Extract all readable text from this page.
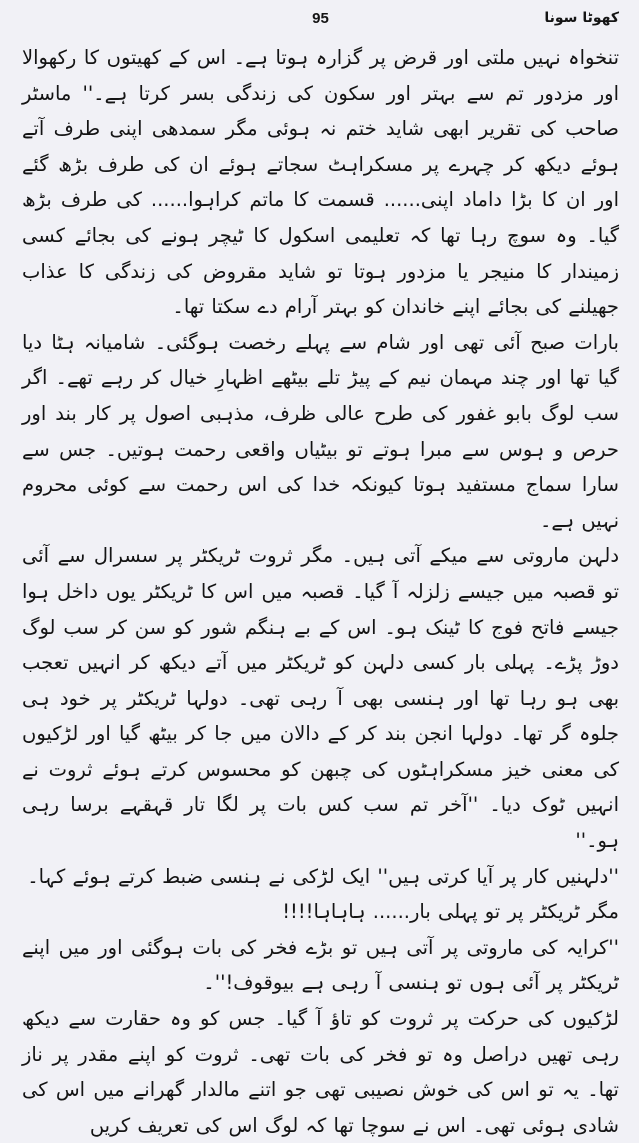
95	کھوٹا سونا

تنخواہ نہیں ملتی اور قرض پر گزارہ ہوتا ہے۔ اس کے کھیتوں کا رکھوالا اور مزدور تم سے بہتر اور سکون کی زندگی بسر کرتا ہے۔'' ماسٹر صاحب کی تقریر ابھی شاید ختم نہ ہوئی مگر سمدھی اپنی طرف آتے ہوئے دیکھ کر چہرے پر مسکراہٹ سجاتے ہوئے ان کی طرف بڑھ گئے اور ان کا بڑا داماد اپنی...... قسمت کا ماتم کراہوا...... کی طرف بڑھ گیا۔ وہ سوچ رہا تھا کہ تعلیمی اسکول کا ٹیچر ہونے کی بجائے کسی زمیندار کا منیجر یا مزدور ہوتا تو شاید مقروض کی زندگی کا عذاب جھیلنے کی بجائے اپنے خاندان کو بہتر آرام دے سکتا تھا۔

بارات صبح آئی تھی اور شام سے پہلے رخصت ہوگئی۔ شامیانہ ہٹا دیا گیا تھا اور چند مہمان نیم کے پیڑ تلے بیٹھے اظہارِ خیال کر رہے تھے۔ اگر سب لوگ بابو غفور کی طرح عالی ظرف، مذہبی اصول پر کار بند اور حرص و ہوس سے مبرا ہوتے تو بیٹیاں واقعی رحمت ہوتیں۔ جس سے سارا سماج مستفید ہوتا کیونکہ خدا کی اس رحمت سے کوئی محروم نہیں ہے۔

دلہن ماروتی سے میکے آتی ہیں۔ مگر ثروت ٹریکٹر پر سسرال سے آئی تو قصبہ میں جیسے زلزلہ آ گیا۔ قصبہ میں اس کا ٹریکٹر یوں داخل ہوا جیسے فاتح فوج کا ٹینک ہو۔ اس کے بے ہنگم شور کو سن کر سب لوگ دوڑ پڑے۔ پہلی بار کسی دلہن کو ٹریکٹر میں آتے دیکھ کر انہیں تعجب بھی ہو رہا تھا اور ہنسی بھی آ رہی تھی۔ دولہا ٹریکٹر پر خود ہی جلوہ گر تھا۔ دولہا انجن بند کر کے دالان میں جا کر بیٹھ گیا اور لڑکیوں کی معنی خیز مسکراہٹوں کی چبھن کو محسوس کرتے ہوئے ثروت نے انہیں ٹوک دیا۔ ''آخر تم سب کس بات پر لگا تار قہقہے برسا رہی ہو۔''

''دلہنیں کار پر آیا کرتی ہیں'' ایک لڑکی نے ہنسی ضبط کرتے ہوئے کہا۔

مگر ٹریکٹر پر تو پہلی بار...... ہاہاہا!!!!

''کرایہ کی ماروتی پر آتی ہیں تو بڑے فخر کی بات ہوگئی اور میں اپنے ٹریکٹر پر آئی ہوں تو ہنسی آ رہی ہے بیوقوف!''۔

لڑکیوں کی حرکت پر ثروت کو تاؤ آ گیا۔ جس کو وہ حقارت سے دیکھ رہی تھیں دراصل وہ تو فخر کی بات تھی۔ ثروت کو اپنے مقدر پر ناز تھا۔ یہ تو اس کی خوش نصیبی تھی جو اتنے مالدار گھرانے میں اس کی شادی ہوئی تھی۔ اس نے سوچا تھا کہ لوگ اس کی تعریف کریں
